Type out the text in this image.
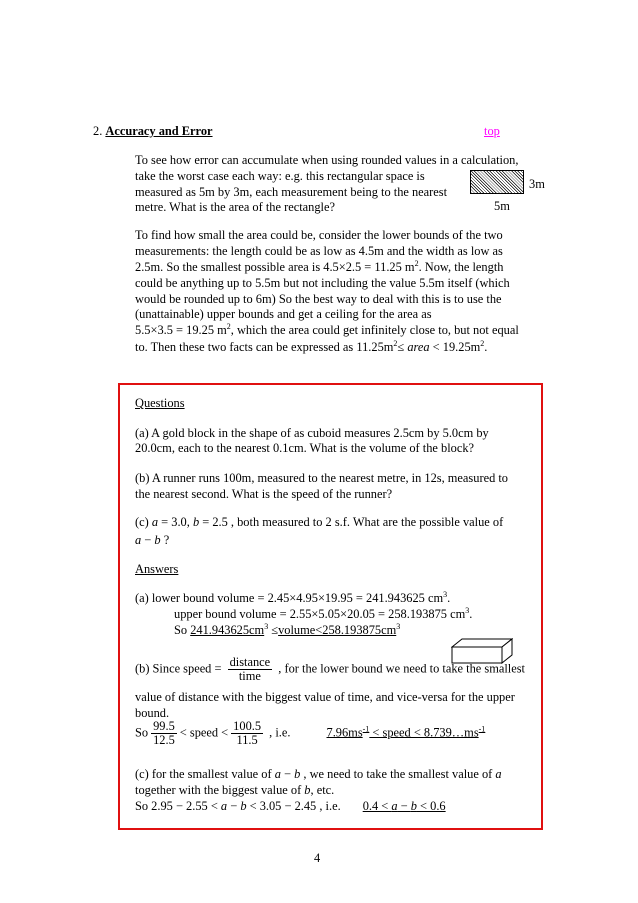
2. Accuracy and Error	top
To see how error can accumulate when using rounded values in a calculation,
take the worst case each way: e.g. this rectangular space is
measured as 5m by 3m, each measurement being to the nearest
metre. What is the area of the rectangle?
3m
5m
To find how small the area could be, consider the lower bounds of the two
measurements: the length could be as low as 4.5m and the width as low as
2.5m. So the smallest possible area is 4.5×2.5 = 11.25 $m^2$. Now, the length
could be anything up to 5.5m but not including the value 5.5m itself (which
would be rounded up to 6m) So the best way to deal with this is to use the
(unattainable) upper bounds and get a ceiling for the area as
5.5×3.5 = 19.25 $m^2$, which the area could get infinitely close to, but not equal
to. Then these two facts can be expressed as $11.25m^2\le$ area < $19.25m^2$.
Questions
(a) A gold block in the shape of as cuboid measures 2.5cm by 5.0cm by
20.0cm, each to the nearest 0.1cm. What is the volume of the block?
(b) A runner runs 100m, measured to the nearest metre, in 12s, measured to
the nearest second. What is the speed of the runner?
(c) a = 3.0, b = 2.5 , both measured to 2 s.f. What are the possible value of
a − b ?
Answers
(a) lower bound volume = 2.45×4.95×19.95 = 241.943625 $cm^3$.
upper bound volume = 2.55×5.05×20.05 = 258.193875 $cm^3$.
So $241.943625cm^3$ $\le volume<258.193875cm^3$
(b) Since speed = $\frac{\text{distance}}{\text{time}}$ , for the lower bound we need to take the smallest
value of distance with the biggest value of time, and vice-versa for the upper
bound.
So $\frac{99.5}{12.5}$ < speed < $\frac{100.5}{11.5}$ , i.e.	$7.96ms^{-1}$ < speed < $8.739\dots ms^{-1}$
(c) for the smallest value of a − b , we need to take the smallest value of a
together with the biggest value of b, etc.
So 2.95 − 2.55 < a − b < 3.05 − 2.45 , i.e. 0.4 < a − b < 0.6
4
